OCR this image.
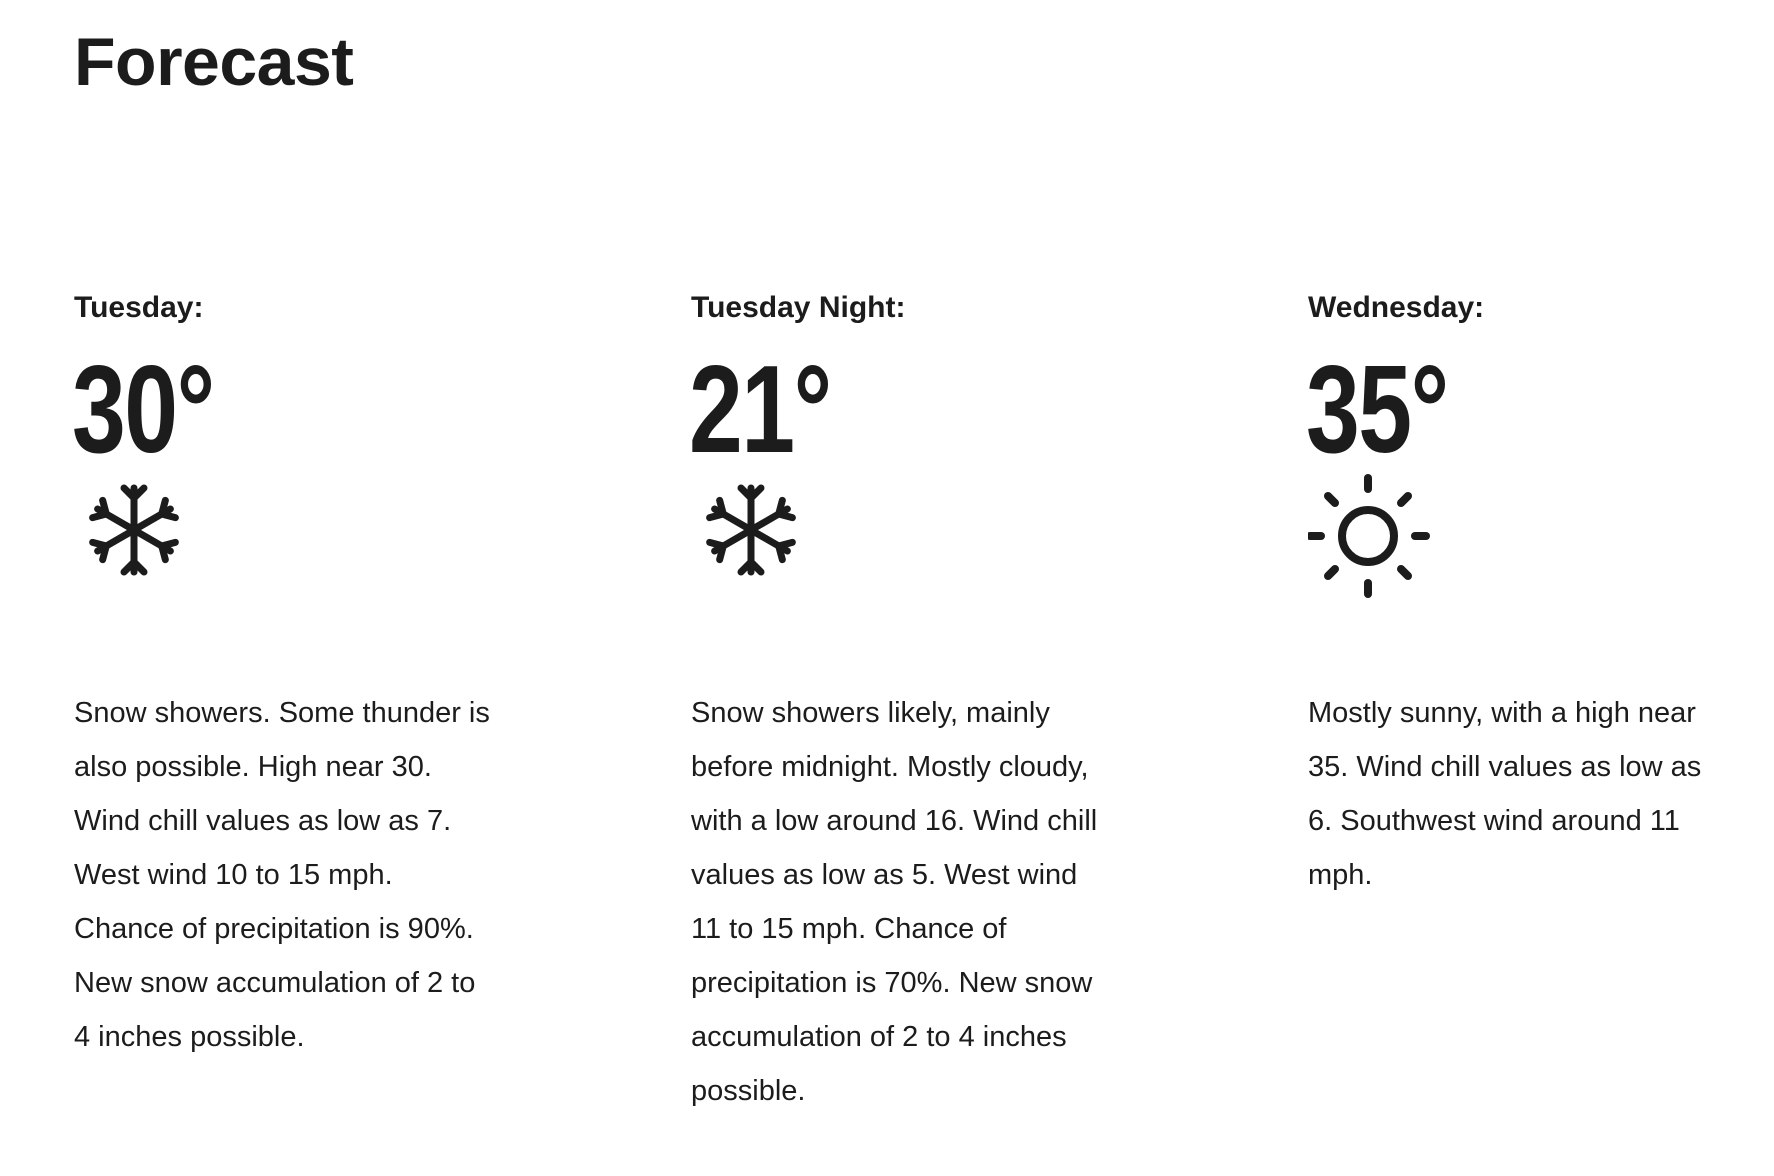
Forecast
Tuesday:
30°

Snow showers. Some thunder is also possible. High near 30. Wind chill values as low as 7. West wind 10 to 15 mph. Chance of precipitation is 90%. New snow accumulation of 2 to 4 inches possible.

Tuesday Night:
21°

Snow showers likely, mainly before midnight. Mostly cloudy, with a low around 16. Wind chill values as low as 5. West wind 11 to 15 mph. Chance of precipitation is 70%. New snow accumulation of 2 to 4 inches possible.

Wednesday:
35°

Mostly sunny, with a high near 35. Wind chill values as low as 6. Southwest wind around 11 mph.
